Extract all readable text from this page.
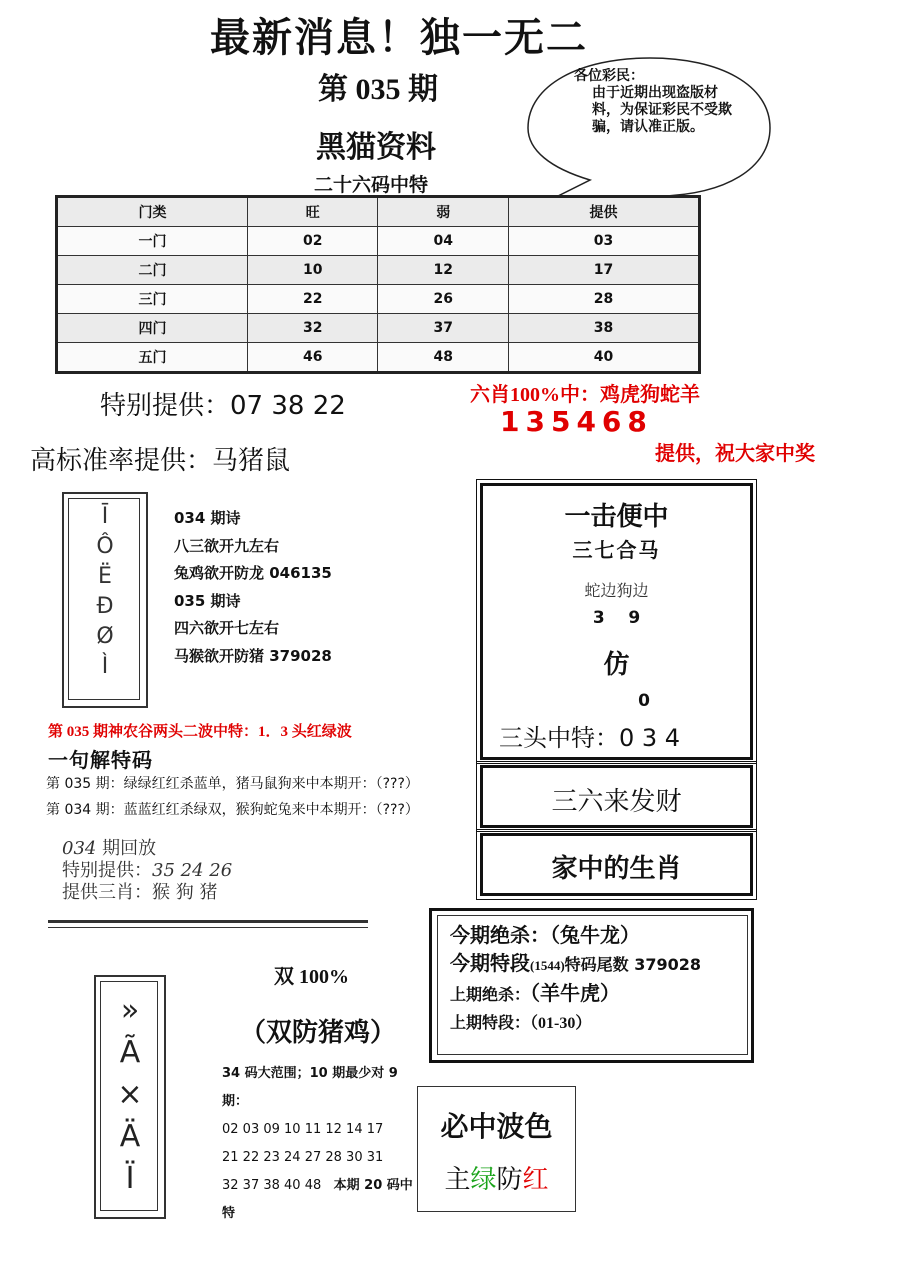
最新消息！独一无二
第 035 期
黑猫资料
二十六码中特
各位彩民：
由于近期出现盗版材料，为保证彩民不受欺骗，请认准正版。
门类	旺	弱	提供
一门	02	04	03
二门	10	12	17
三门	22	26	28
四门	32	37	38
五门	46	48	40
特别提供：07 38 22	六肖100%中：鸡虎狗蛇羊
135468
提供，祝大家中奖
高标准率提供：马猪鼠
Ī
Ô
Ë
Ð
Ø
Ì
034 期诗
八三欲开九左右
兔鸡欲开防龙 046135
035 期诗
四六欲开七左右
马猴欲开防猪 379028
第 035 期神农谷两头二波中特：1．3 头红绿波
一句解特码
第 035 期：绿绿红红杀蓝单，猪马鼠狗来中本期开：（???）
第 034 期：蓝蓝红红杀绿双，猴狗蛇兔来中本期开：（???）
034 期回放
特别提供：35 24 26
提供三肖：猴 狗 猪
一击便中
三七合马
蛇边狗边
3    9
仿
0
三头中特：0 3 4
三六来发财
家中的生肖
今期绝杀：（兔牛龙）
今期特段(1544)特码尾数 379028
上期绝杀：（羊牛虎）
上期特段：（01-30）
»
Ã
×
Ä
Ï
双 100%
（双防猪鸡）
34 码大范围；10 期最少对 9 期：
02 03 09 10 11 12 14 17
21 22 23 24 27 28 30 31
32 37 38 40 48 本期 20 码中特
必中波色
主绿防红
